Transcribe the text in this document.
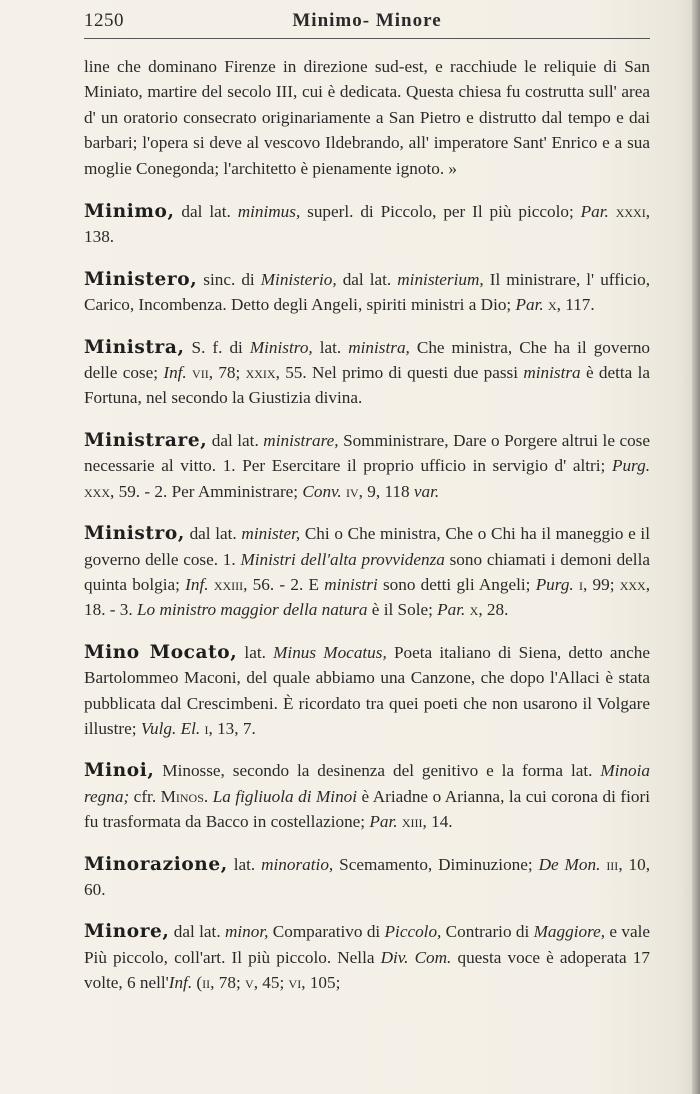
1250	Minimo- Minore

line che dominano Firenze in direzione sud-est, e racchiude le reliquie di San Miniato, martire del secolo III, cui è dedicata. Questa chiesa fu costrutta sull' area d' un oratorio consecrato originariamente a San Pietro e distrutto dal tempo e dai barbari; l'opera si deve al vescovo Ildebrando, all' imperatore Sant' Enrico e a sua moglie Conegonda; l'architetto è pienamente ignoto. »

Minimo, dal lat. minimus, superl. di Piccolo, per Il più piccolo; Par. xxxi, 138.

Ministero, sinc. di Ministerio, dal lat. ministerium, Il ministrare, l' ufficio, Carico, Incombenza. Detto degli Angeli, spiriti ministri a Dio; Par. x, 117.

Ministra, S. f. di Ministro, lat. ministra, Che ministra, Che ha il governo delle cose; Inf. vii, 78; xxix, 55. Nel primo di questi due passi ministra è detta la Fortuna, nel secondo la Giustizia divina.

Ministrare, dal lat. ministrare, Somministrare, Dare o Porgere altrui le cose necessarie al vitto. 1. Per Esercitare il proprio ufficio in servigio d' altri; Purg. xxx, 59. - 2. Per Amministrare; Conv. iv, 9, 118 var.

Ministro, dal lat. minister, Chi o Che ministra, Che o Chi ha il maneggio e il governo delle cose. 1. Ministri dell'alta provvidenza sono chiamati i demoni della quinta bolgia; Inf. xxiii, 56. - 2. E ministri sono detti gli Angeli; Purg. i, 99; xxx, 18. - 3. Lo ministro maggior della natura è il Sole; Par. x, 28.

Mino Mocato, lat. Minus Mocatus, Poeta italiano di Siena, detto anche Bartolommeo Maconi, del quale abbiamo una Canzone, che dopo l'Allaci è stata pubblicata dal Crescimbeni. È ricordato tra quei poeti che non usarono il Volgare illustre; Vulg. El. i, 13, 7.

Minoi, Minosse, secondo la desinenza del genitivo e la forma lat. Minoia regna; cfr. Minos. La figliuola di Minoi è Ariadne o Arianna, la cui corona di fiori fu trasformata da Bacco in costellazione; Par. xiii, 14.

Minorazione, lat. minoratio, Scemamento, Diminuzione; De Mon. iii, 10, 60.

Minore, dal lat. minor, Comparativo di Piccolo, Contrario di Maggiore, e vale Più piccolo, coll'art. Il più piccolo. Nella Div. Com. questa voce è adoperata 17 volte, 6 nell'Inf. (ii, 78; v, 45; vi, 105;
